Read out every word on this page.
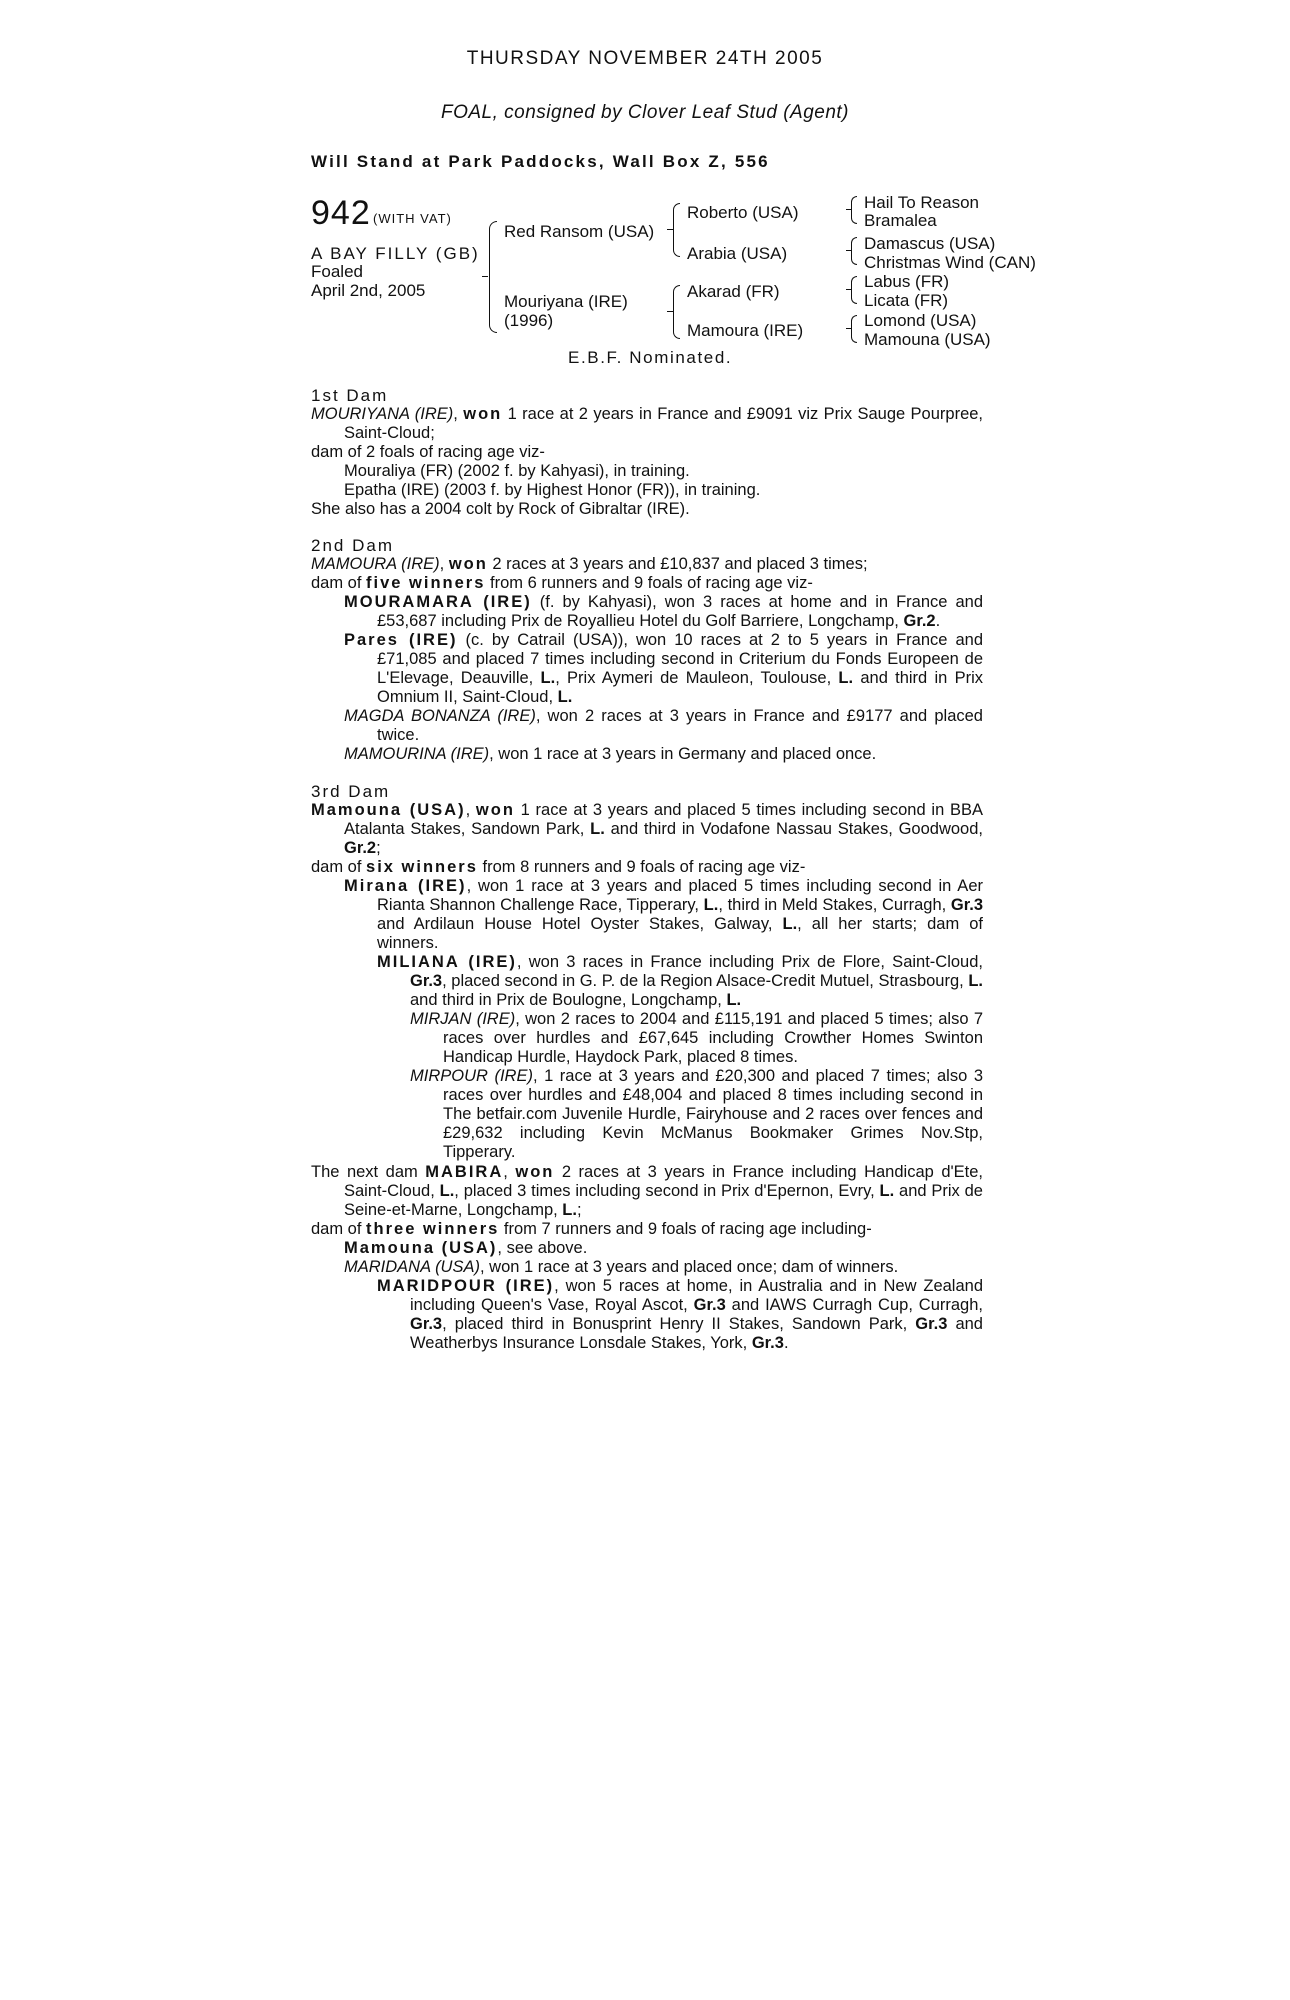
THURSDAY NOVEMBER 24TH 2005
FOAL, consigned by Clover Leaf Stud (Agent)
Will Stand at Park Paddocks, Wall Box Z, 556
942 (WITH VAT)
A BAY FILLY (GB)
Foaled
April 2nd, 2005
Red Ransom (USA)
Mouriyana (IRE)
(1996)
Roberto (USA)
Arabia (USA)
Akarad (FR)
Mamoura (IRE)
Hail To Reason
Bramalea
Damascus (USA)
Christmas Wind (CAN)
Labus (FR)
Licata (FR)
Lomond (USA)
Mamouna (USA)
E.B.F. Nominated.

1st Dam

MOURIYANA (IRE), won 1 race at 2 years in France and £9091 viz Prix Sauge Pourpree, Saint-Cloud;

dam of 2 foals of racing age viz-

Mouraliya (FR) (2002 f. by Kahyasi), in training.

Epatha (IRE) (2003 f. by Highest Honor (FR)), in training.

She also has a 2004 colt by Rock of Gibraltar (IRE).

2nd Dam

MAMOURA (IRE), won 2 races at 3 years and £10,837 and placed 3 times;

dam of five winners from 6 runners and 9 foals of racing age viz-

MOURAMARA (IRE) (f. by Kahyasi), won 3 races at home and in France and £53,687 including Prix de Royallieu Hotel du Golf Barriere, Longchamp, Gr.2.

Pares (IRE) (c. by Catrail (USA)), won 10 races at 2 to 5 years in France and £71,085 and placed 7 times including second in Criterium du Fonds Europeen de L'Elevage, Deauville, L., Prix Aymeri de Mauleon, Toulouse, L. and third in Prix Omnium II, Saint-Cloud, L.

MAGDA BONANZA (IRE), won 2 races at 3 years in France and £9177 and placed twice.

MAMOURINA (IRE), won 1 race at 3 years in Germany and placed once.

3rd Dam

Mamouna (USA), won 1 race at 3 years and placed 5 times including second in BBA Atalanta Stakes, Sandown Park, L. and third in Vodafone Nassau Stakes, Goodwood, Gr.2;

dam of six winners from 8 runners and 9 foals of racing age viz-

Mirana (IRE), won 1 race at 3 years and placed 5 times including second in Aer Rianta Shannon Challenge Race, Tipperary, L., third in Meld Stakes, Curragh, Gr.3 and Ardilaun House Hotel Oyster Stakes, Galway, L., all her starts; dam of winners.

MILIANA (IRE), won 3 races in France including Prix de Flore, Saint-Cloud, Gr.3, placed second in G. P. de la Region Alsace-Credit Mutuel, Strasbourg, L. and third in Prix de Boulogne, Longchamp, L.

MIRJAN (IRE), won 2 races to 2004 and £115,191 and placed 5 times; also 7 races over hurdles and £67,645 including Crowther Homes Swinton Handicap Hurdle, Haydock Park, placed 8 times.

MIRPOUR (IRE), 1 race at 3 years and £20,300 and placed 7 times; also 3 races over hurdles and £48,004 and placed 8 times including second in The betfair.com Juvenile Hurdle, Fairyhouse and 2 races over fences and £29,632 including Kevin McManus Bookmaker Grimes Nov.Stp, Tipperary.

The next dam MABIRA, won 2 races at 3 years in France including Handicap d'Ete, Saint-Cloud, L., placed 3 times including second in Prix d'Epernon, Evry, L. and Prix de Seine-et-Marne, Longchamp, L.;

dam of three winners from 7 runners and 9 foals of racing age including-

Mamouna (USA), see above.

MARIDANA (USA), won 1 race at 3 years and placed once; dam of winners.

MARIDPOUR (IRE), won 5 races at home, in Australia and in New Zealand including Queen's Vase, Royal Ascot, Gr.3 and IAWS Curragh Cup, Curragh, Gr.3, placed third in Bonusprint Henry II Stakes, Sandown Park, Gr.3 and Weatherbys Insurance Lonsdale Stakes, York, Gr.3.
